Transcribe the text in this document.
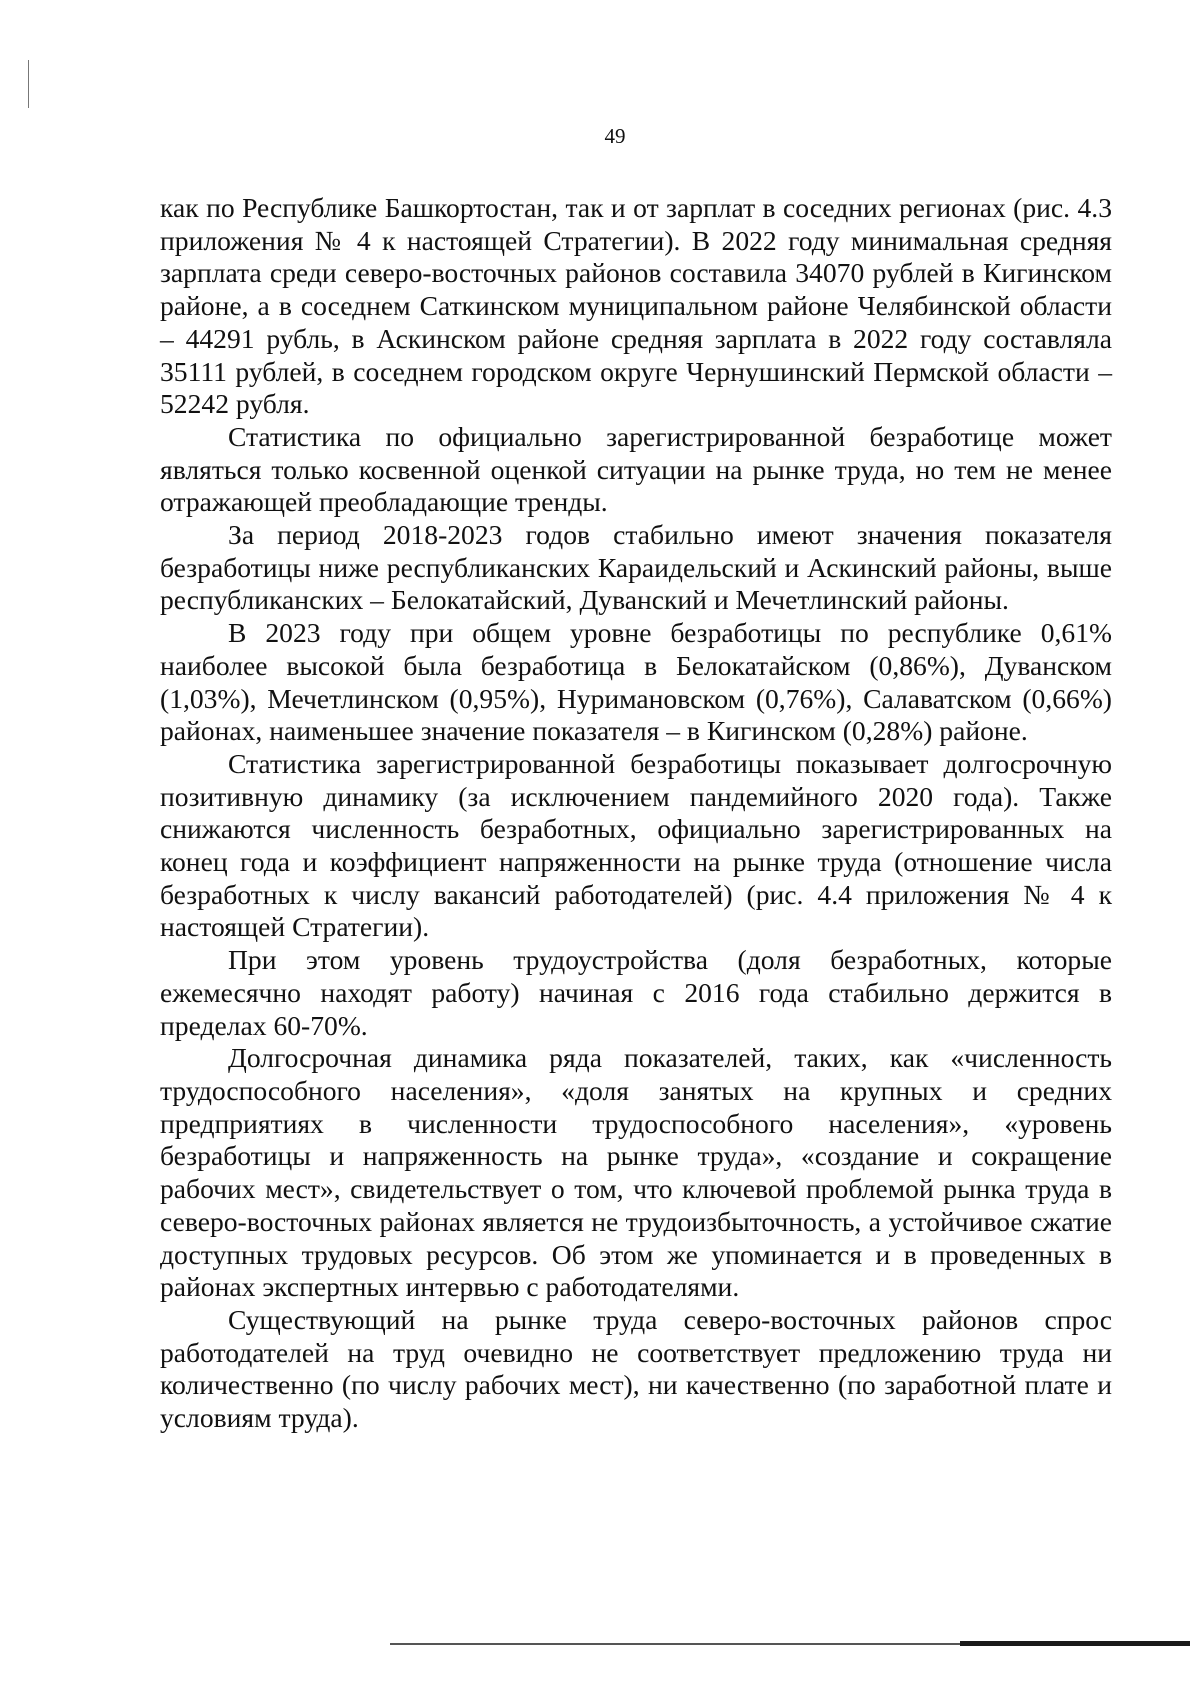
49

как по Республике Башкортостан, так и от зарплат в соседних регионах (рис. 4.3 приложения № 4 к настоящей Стратегии). В 2022 году минимальная средняя зарплата среди северо-восточных районов составила 34070 рублей в Кигинском районе, а в соседнем Саткинском муниципальном районе Челябинской области – 44291 рубль, в Аскинском районе средняя зарплата в 2022 году составляла 35111 рублей, в соседнем городском округе Чернушинский Пермской области – 52242 рубля.

Статистика по официально зарегистрированной безработице может являться только косвенной оценкой ситуации на рынке труда, но тем не менее отражающей преобладающие тренды.

За период 2018-2023 годов стабильно имеют значения показателя безработицы ниже республиканских Караидельский и Аскинский районы, выше республиканских – Белокатайский, Дуванский и Мечетлинский районы.

В 2023 году при общем уровне безработицы по республике 0,61% наиболее высокой была безработица в Белокатайском (0,86%), Дуванском (1,03%), Мечетлинском (0,95%), Нуримановском (0,76%), Салаватском (0,66%) районах, наименьшее значение показателя – в Кигинском (0,28%) районе.

Статистика зарегистрированной безработицы показывает долгосрочную позитивную динамику (за исключением пандемийного 2020 года). Также снижаются численность безработных, официально зарегистрированных на конец года и коэффициент напряженности на рынке труда (отношение числа безработных к числу вакансий работодателей) (рис. 4.4 приложения № 4 к настоящей Стратегии).

При этом уровень трудоустройства (доля безработных, которые ежемесячно находят работу) начиная с 2016 года стабильно держится в пределах 60-70%.

Долгосрочная динамика ряда показателей, таких, как «численность трудоспособного населения», «доля занятых на крупных и средних предприятиях в численности трудоспособного населения», «уровень безработицы и напряженность на рынке труда», «создание и сокращение рабочих мест», свидетельствует о том, что ключевой проблемой рынка труда в северо-восточных районах является не трудоизбыточность, а устойчивое сжатие доступных трудовых ресурсов. Об этом же упоминается и в проведенных в районах экспертных интервью с работодателями.

Существующий на рынке труда северо-восточных районов спрос работодателей на труд очевидно не соответствует предложению труда ни количественно (по числу рабочих мест), ни качественно (по заработной плате и условиям труда).
